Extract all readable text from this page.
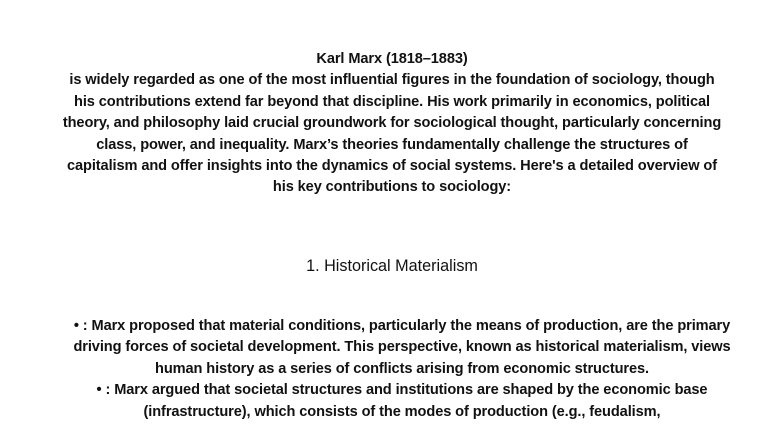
Karl Marx (1818–1883)
is widely regarded as one of the most influential figures in the foundation of sociology, though his contributions extend far beyond that discipline. His work primarily in economics, political theory, and philosophy laid crucial groundwork for sociological thought, particularly concerning class, power, and inequality. Marx’s theories fundamentally challenge the structures of capitalism and offer insights into the dynamics of social systems. Here's a detailed overview of his key contributions to sociology:
1. Historical Materialism
• : Marx proposed that material conditions, particularly the means of production, are the primary driving forces of societal development. This perspective, known as historical materialism, views human history as a series of conflicts arising from economic structures.
• : Marx argued that societal structures and institutions are shaped by the economic base (infrastructure), which consists of the modes of production (e.g., feudalism,
